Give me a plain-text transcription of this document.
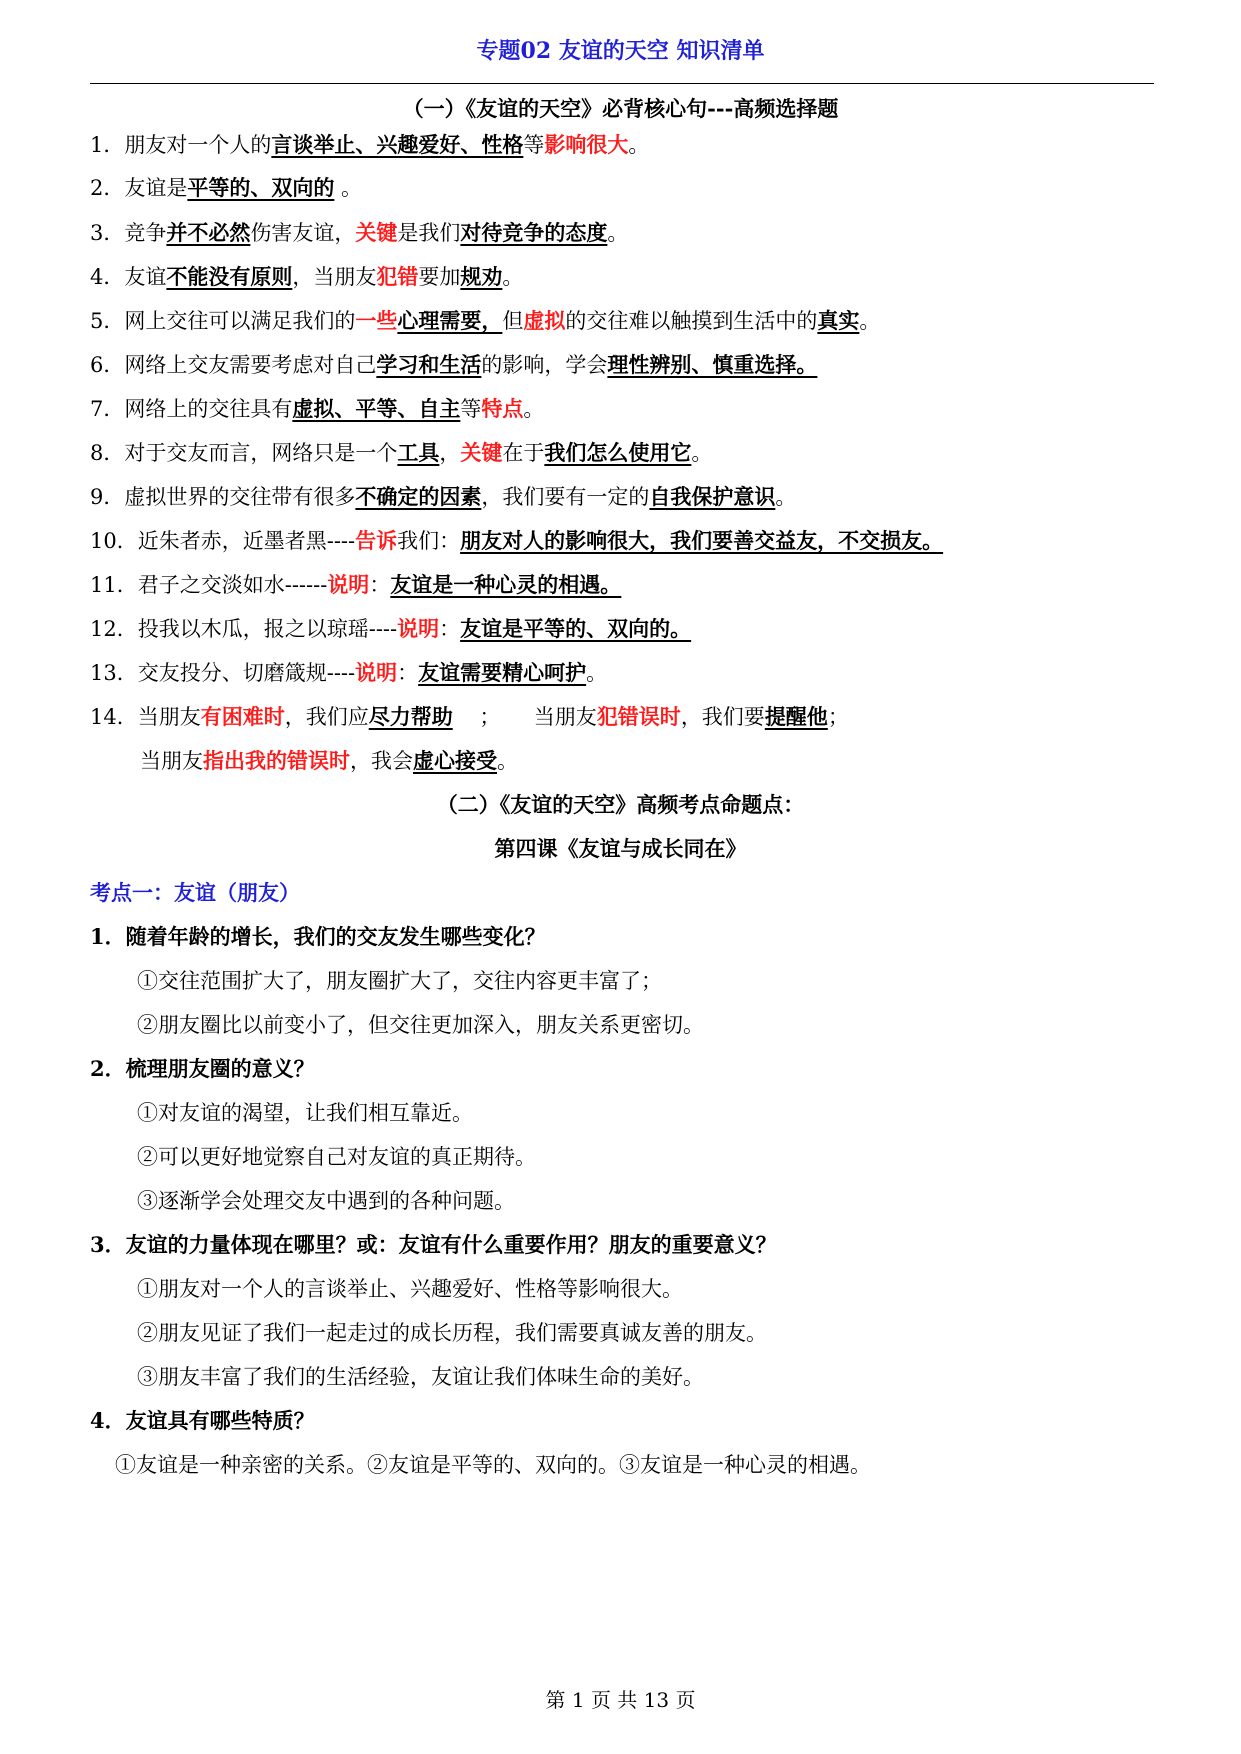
专题02 友谊的天空 知识清单
（一）《友谊的天空》必背核心句---高频选择题
1．朋友对一个人的言谈举止、兴趣爱好、性格等影响很大。
2．友谊是平等的、双向的 。
3．竞争并不必然伤害友谊，关键是我们对待竞争的态度。
4．友谊不能没有原则，当朋友犯错要加规劝。
5．网上交往可以满足我们的一些心理需要，但虚拟的交往难以触摸到生活中的真实。
6．网络上交友需要考虑对自己学习和生活的影响，学会理性辨别、慎重选择。
7．网络上的交往具有虚拟、平等、自主等特点。
8．对于交友而言，网络只是一个工具，关键在于我们怎么使用它。
9．虚拟世界的交往带有很多不确定的因素，我们要有一定的自我保护意识。
10．近朱者赤，近墨者黑----告诉我们：朋友对人的影响很大，我们要善交益友，不交损友。
11．君子之交淡如水------说明：友谊是一种心灵的相遇。
12．投我以木瓜，报之以琼瑶----说明：友谊是平等的、双向的。
13．交友投分、切磨箴规----说明：友谊需要精心呵护。
14．当朋友有困难时，我们应尽力帮助    ；     当朋友犯错误时，我们要提醒他；
当朋友指出我的错误时，我会虚心接受。
（二）《友谊的天空》高频考点命题点：
第四课《友谊与成长同在》
考点一：友谊（朋友）
1．随着年龄的增长，我们的交友发生哪些变化？
①交往范围扩大了，朋友圈扩大了，交往内容更丰富了；
②朋友圈比以前变小了，但交往更加深入，朋友关系更密切。
2．梳理朋友圈的意义？
①对友谊的渴望，让我们相互靠近。
②可以更好地觉察自己对友谊的真正期待。
③逐渐学会处理交友中遇到的各种问题。
3．友谊的力量体现在哪里？或：友谊有什么重要作用？朋友的重要意义？
①朋友对一个人的言谈举止、兴趣爱好、性格等影响很大。
②朋友见证了我们一起走过的成长历程，我们需要真诚友善的朋友。
③朋友丰富了我们的生活经验，友谊让我们体味生命的美好。
4．友谊具有哪些特质？
①友谊是一种亲密的关系。②友谊是平等的、双向的。③友谊是一种心灵的相遇。
第 1 页 共 13 页
